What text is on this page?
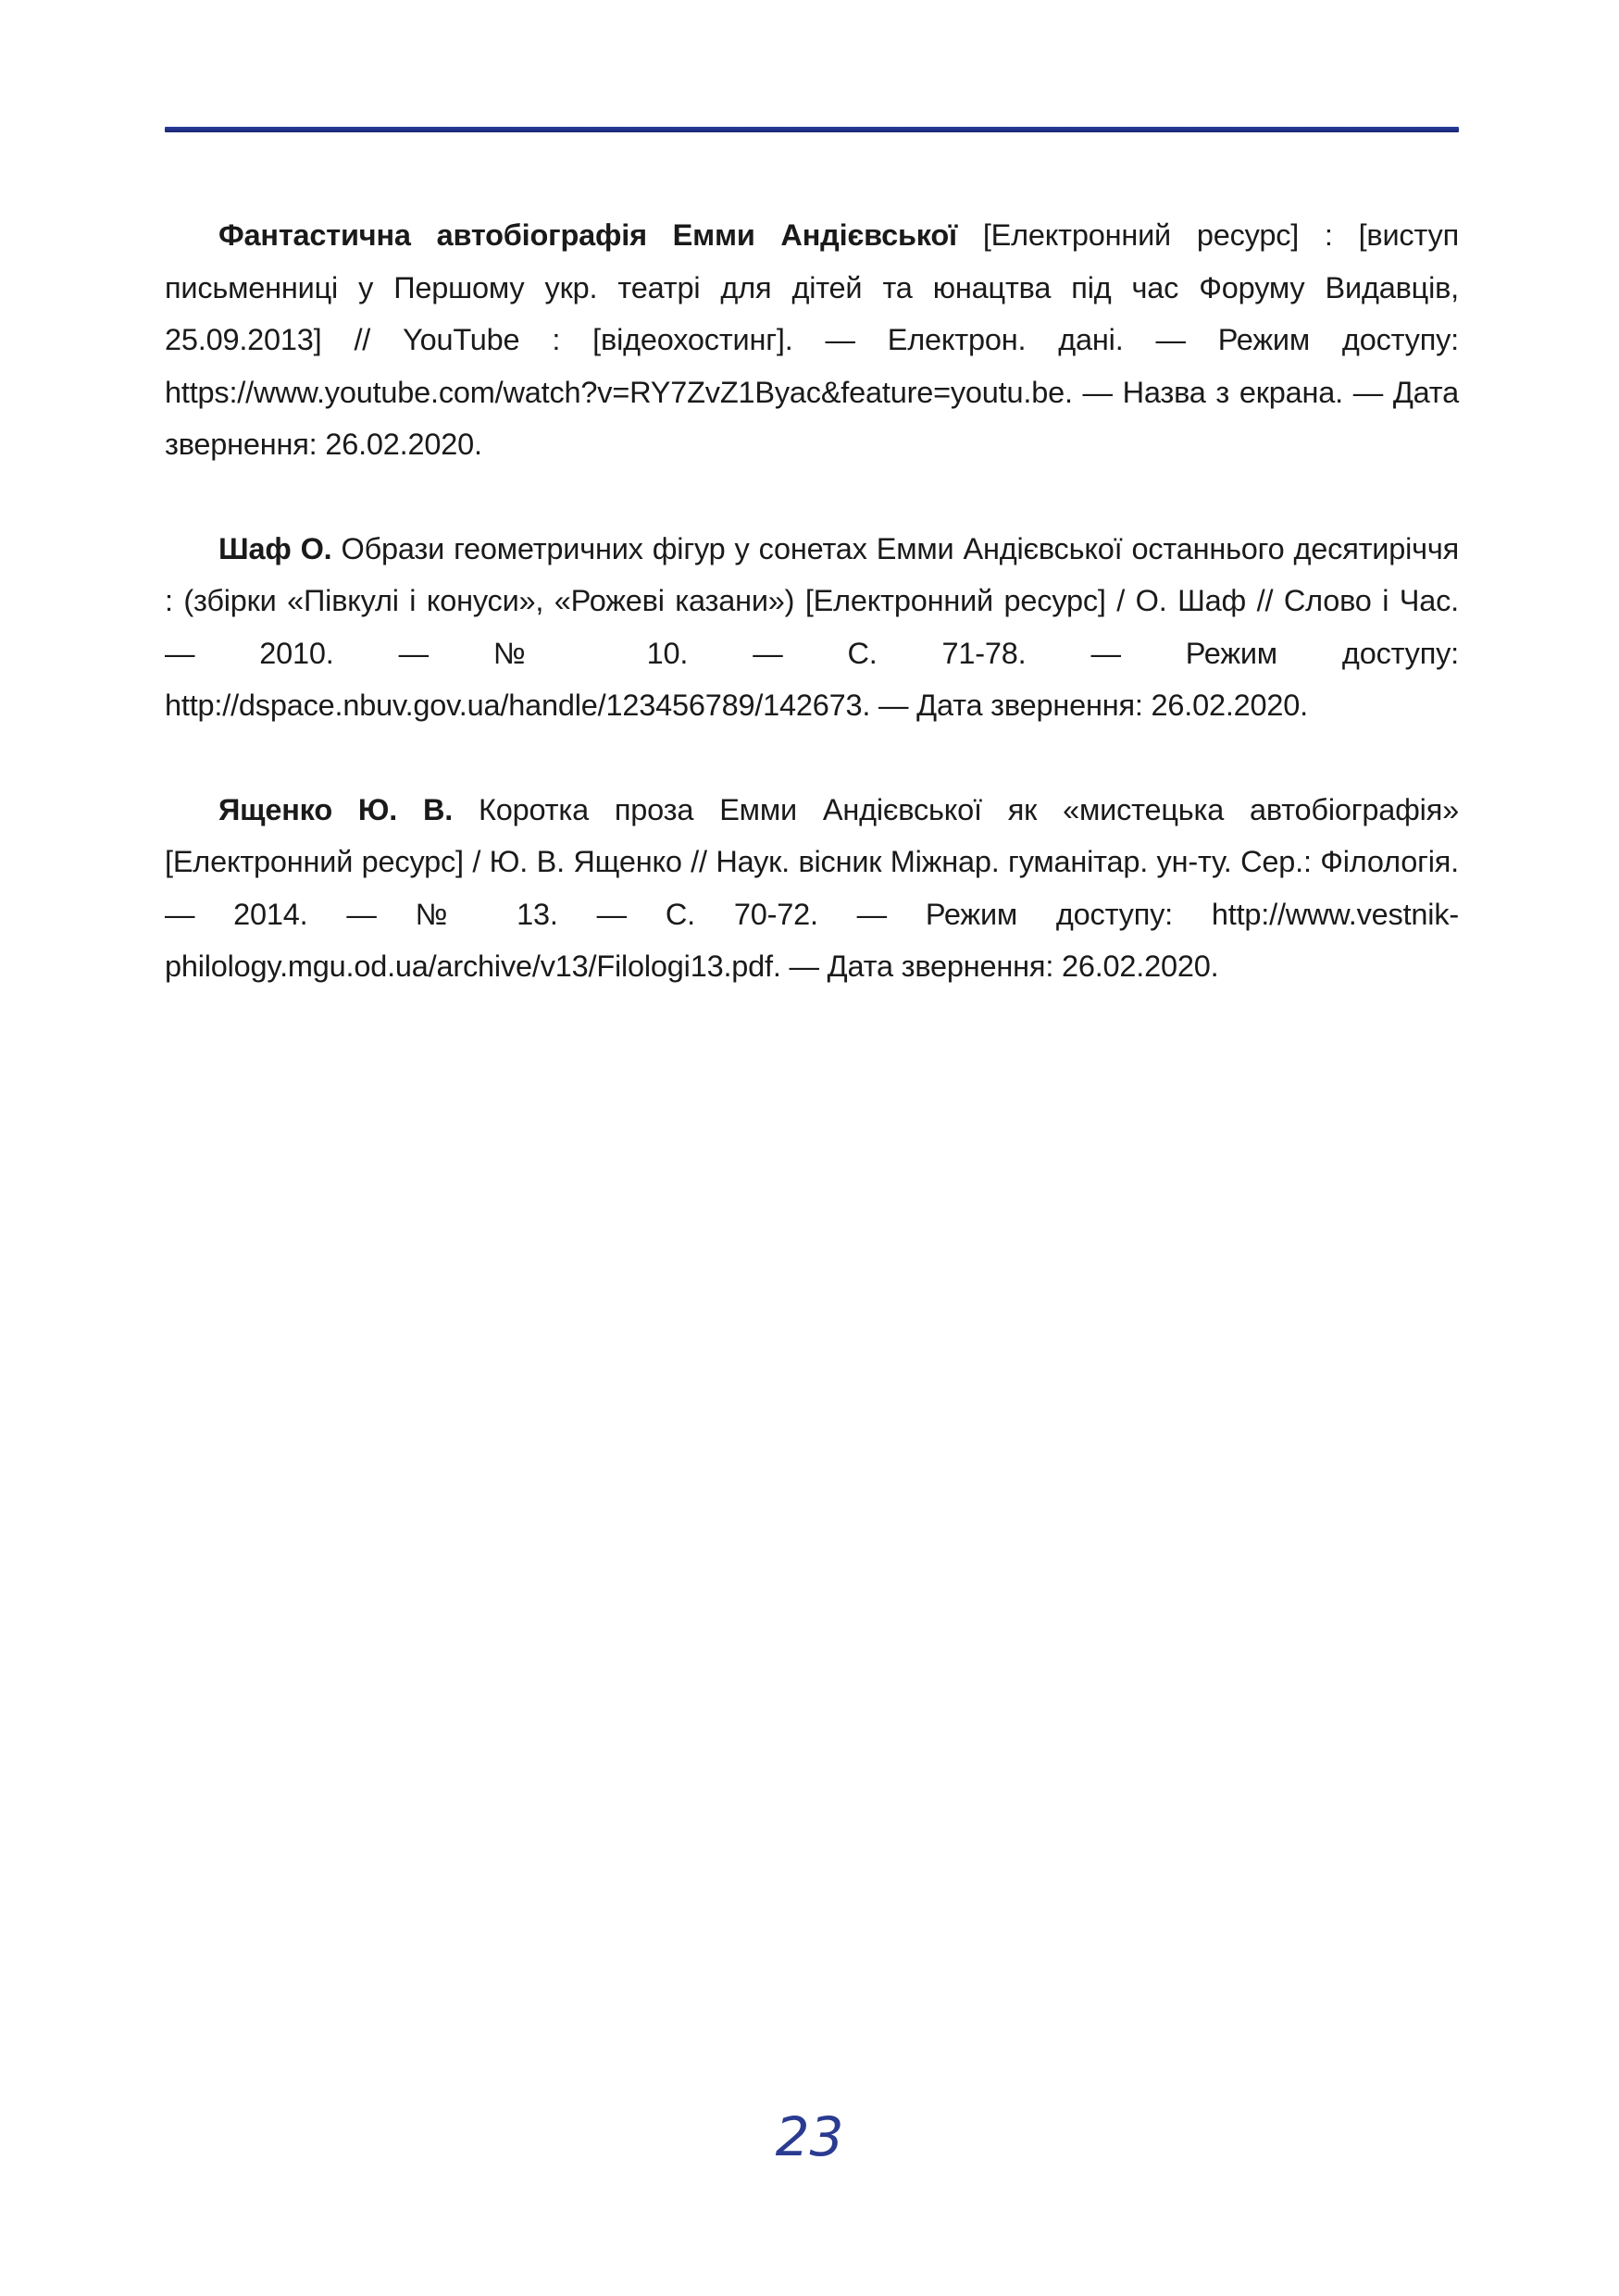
Фантастична автобіографія Емми Андієвської [Електронний ресурс] : [виступ письменниці у Першому укр. театрі для дітей та юнацтва під час Форуму Видавців, 25.09.2013] // YouTube : [відеохостинг]. — Електрон. дані. — Режим доступу: https://www.youtube.com/watch?v=RY7ZvZ1Byac&feature=youtu.be. — Назва з екрана. — Дата звернення: 26.02.2020.

Шаф О. Образи геометричних фігур у сонетах Емми Андієвської останнього десятиріччя : (збірки «Півкулі і конуси», «Рожеві казани») [Електронний ресурс] / О. Шаф // Слово і Час. — 2010. — № 10. — С. 71-78. — Режим доступу: http://dspace.nbuv.gov.ua/handle/123456789/142673. — Дата звернення: 26.02.2020.

Ященко Ю. В. Коротка проза Емми Андієвської як «мистецька автобіографія» [Електронний ресурс] / Ю. В. Ященко // Наук. вісник Міжнар. гуманітар. ун-ту. Сер.: Філологія. — 2014. — № 13. — С. 70-72. — Режим доступу: http://www.vestnik-philology.mgu.od.ua/archive/v13/Filologi13.pdf. — Дата звернення: 26.02.2020.

23
